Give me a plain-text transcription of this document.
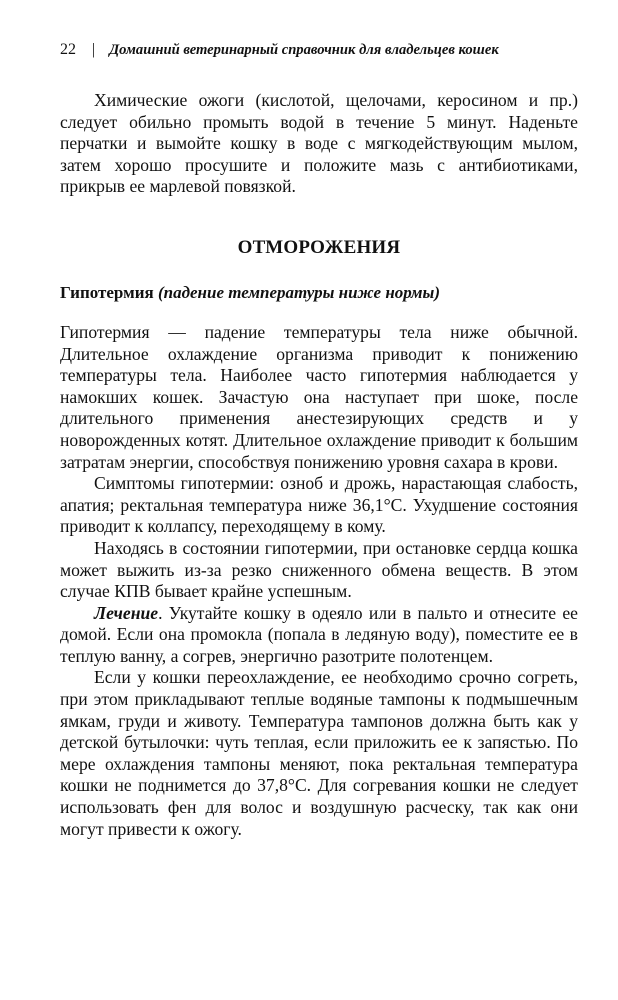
22 | Домашний ветеринарный справочник для владельцев кошек

Химические ожоги (кислотой, щелочами, керосином и пр.) следует обильно промыть водой в течение 5 минут. Наденьте перчатки и вымойте кошку в воде с мягкодействующим мылом, затем хорошо просушите и положите мазь с антибиотиками, прикрыв ее марлевой повязкой.

ОТМОРОЖЕНИЯ
Гипотермия (падение температуры ниже нормы)

Гипотермия — падение температуры тела ниже обычной. Длительное охлаждение организма приводит к понижению температуры тела. Наиболее часто гипотермия наблюдается у намокших кошек. Зачастую она наступает при шоке, после длительного применения анестезирующих средств и у новорожденных котят. Длительное охлаждение приводит к большим затратам энергии, способствуя понижению уровня сахара в крови.

Симптомы гипотермии: озноб и дрожь, нарастающая слабость, апатия; ректальная температура ниже 36,1°C. Ухудшение состояния приводит к коллапсу, переходящему в кому.

Находясь в состоянии гипотермии, при остановке сердца кошка может выжить из-за резко сниженного обмена веществ. В этом случае КПВ бывает крайне успешным.

Лечение. Укутайте кошку в одеяло или в пальто и отнесите ее домой. Если она промокла (попала в ледяную воду), поместите ее в теплую ванну, а согрев, энергично разотрите полотенцем.

Если у кошки переохлаждение, ее необходимо срочно согреть, при этом прикладывают теплые водяные тампоны к подмышечным ямкам, груди и животу. Температура тампонов должна быть как у детской бутылочки: чуть теплая, если приложить ее к запястью. По мере охлаждения тампоны меняют, пока ректальная температура кошки не поднимется до 37,8°C. Для согревания кошки не следует использовать фен для волос и воздушную расческу, так как они могут привести к ожогу.
